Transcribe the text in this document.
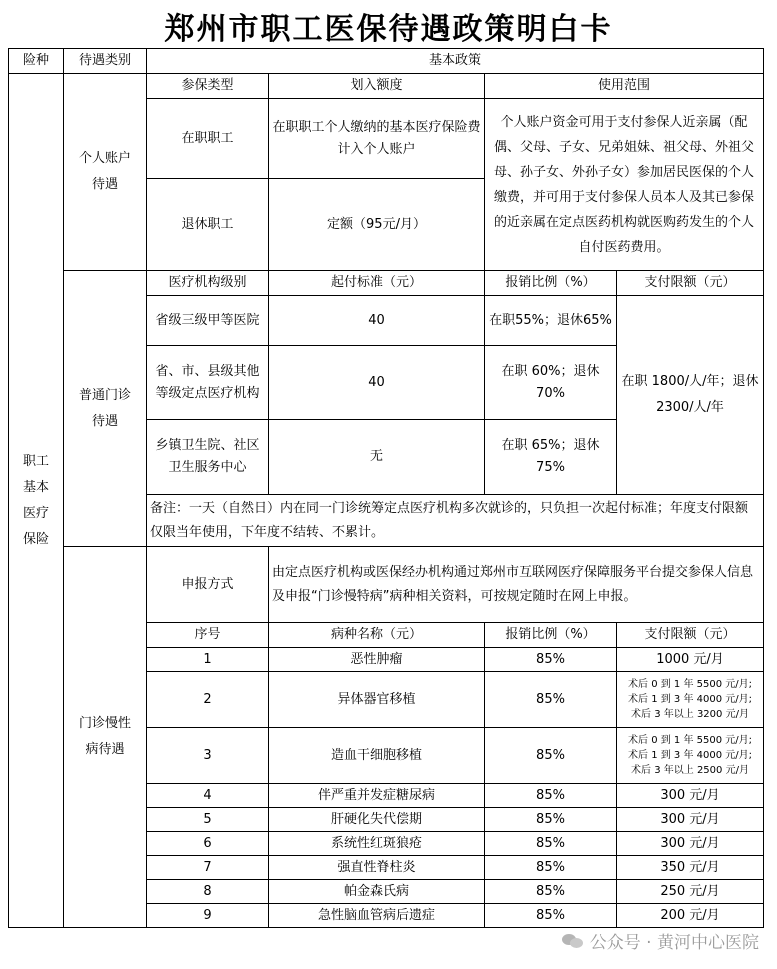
郑州市职工医保待遇政策明白卡
险种	待遇类别	基本政策			

职工基本医疗保险	个人账户待遇	参保类型	划入额度	使用范围	
		在职职工	在职职工个人缴纳的基本医疗保险费计入个人账户	个人账户资金可用于支付参保人近亲属（配偶、父母、子女、兄弟姐妹、祖父母、外祖父母、孙子女、外孙子女）参加居民医保的个人缴费，并可用于支付参保人员本人及其已参保的近亲属在定点医药机构就医购药发生的个人自付医药费用。	
		退休职工	定额（95元/月）		

	普通门诊待遇	医疗机构级别	起付标准（元）	报销比例（%）	支付限额（元）
		省级三级甲等医院	40	在职55%；退休65%	在职 1800/人/年；退休 2300/人/年
		省、市、县级其他等级定点医疗机构	40	在职 60%；退休 70%	
		乡镇卫生院、社区卫生服务中心	无	在职 65%；退休 75%	
		备注：一天（自然日）内在同一门诊统筹定点医疗机构多次就诊的，只负担一次起付标准；年度支付限额仅限当年使用，下年度不结转、不累计。			

	门诊慢性病待遇	申报方式	由定点医疗机构或医保经办机构通过郑州市互联网医疗保障服务平台提交参保人信息及申报“门诊慢特病”病种相关资料，可按规定随时在网上申报。		
		序号	病种名称（元）	报销比例（%）	支付限额（元）
		1	恶性肿瘤	85%	1000 元/月
		2	异体器官移植	85%	术后 0 到 1 年 5500 元/月;
术后 1 到 3 年 4000 元/月;
术后 3 年以上 3200 元/月

		3	造血干细胞移植	85%	术后 0 到 1 年 5500 元/月;
术后 1 到 3 年 4000 元/月;
术后 3 年以上 2500 元/月

		4	伴严重并发症糖尿病	85%	300 元/月
		5	肝硬化失代偿期	85%	300 元/月
		6	系统性红斑狼疮	85%	300 元/月
		7	强直性脊柱炎	85%	350 元/月
		8	帕金森氏病	85%	250 元/月
		9	急性脑血管病后遗症	85%	200 元/月
公众号 · 黄河中心医院
